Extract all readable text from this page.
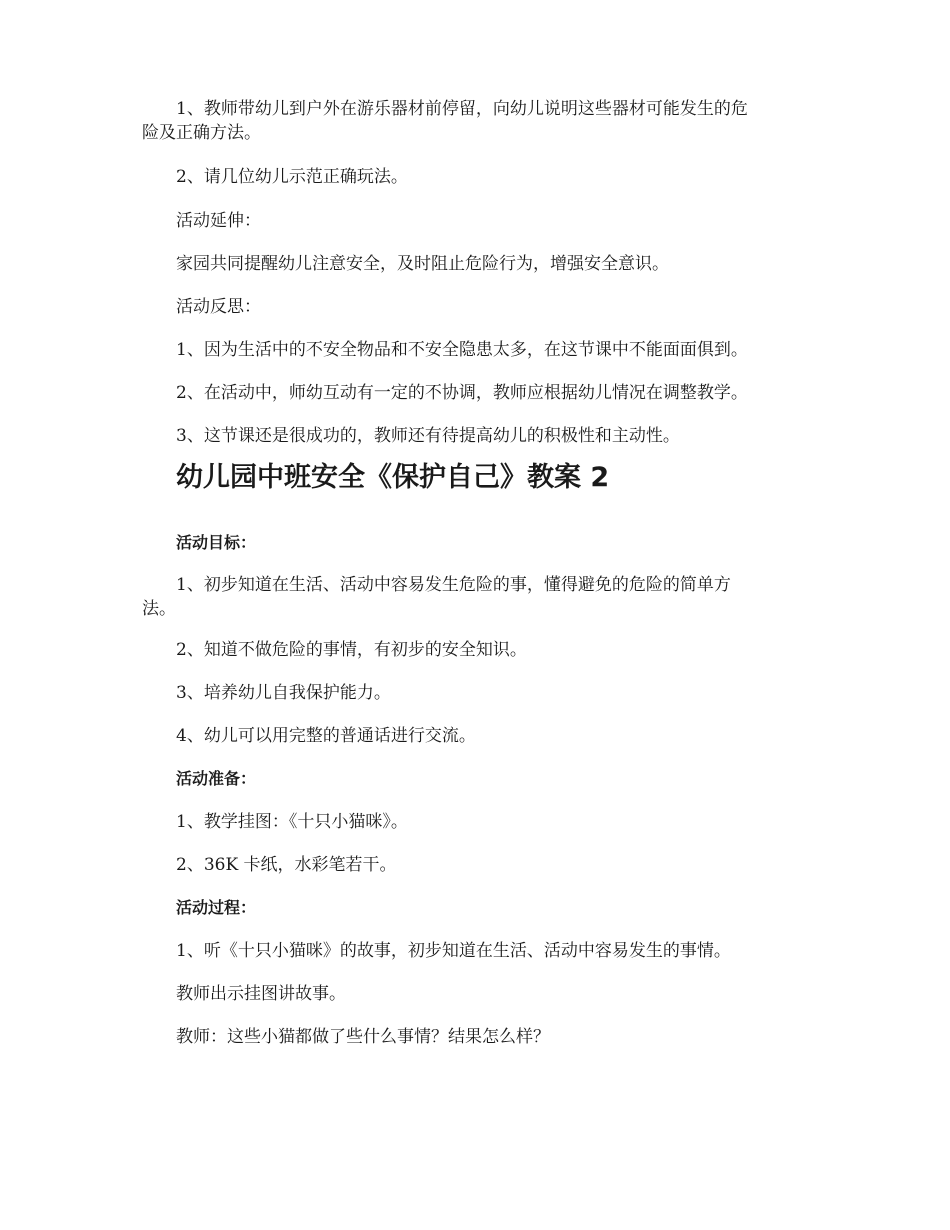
1、教师带幼儿到户外在游乐器材前停留，向幼儿说明这些器材可能发生的危

险及正确方法。

2、请几位幼儿示范正确玩法。

活动延伸：

家园共同提醒幼儿注意安全，及时阻止危险行为，增强安全意识。

活动反思：

1、因为生活中的不安全物品和不安全隐患太多，在这节课中不能面面俱到。

2、在活动中，师幼互动有一定的不协调，教师应根据幼儿情况在调整教学。

3、这节课还是很成功的，教师还有待提高幼儿的积极性和主动性。

幼儿园中班安全《保护自己》教案 2

活动目标：

1、初步知道在生活、活动中容易发生危险的事，懂得避免的危险的简单方

法。

2、知道不做危险的事情，有初步的安全知识。

3、培养幼儿自我保护能力。

4、幼儿可以用完整的普通话进行交流。

活动准备：

1、教学挂图：《十只小猫咪》。

2、36K 卡纸，水彩笔若干。

活动过程：

1、听《十只小猫咪》的故事，初步知道在生活、活动中容易发生的事情。

教师出示挂图讲故事。

教师：这些小猫都做了些什么事情？结果怎么样？
